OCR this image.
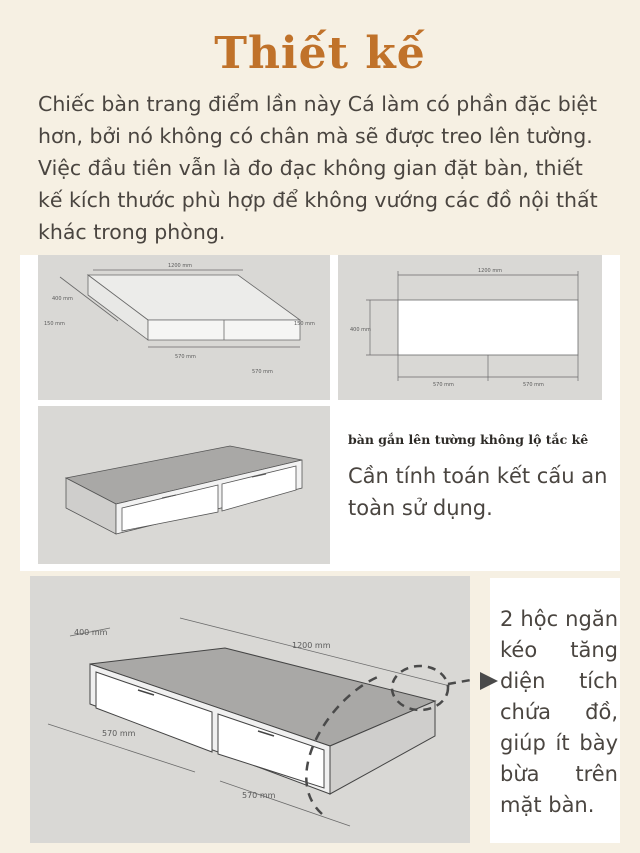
Thiết kế

Chiếc bàn trang điểm lần này Cá làm có phần đặc biệt hơn, bởi nó không có chân mà sẽ được treo lên tường.

Việc đầu tiên vẫn là đo đạc không gian đặt bàn, thiết kế kích thước phù hợp để không vướng các đồ nội thất khác trong phòng.

1200 mm
400 mm
150 mm	150 mm
570 mm
570 mm
1200 mm
400 mm
570 mm	570 mm
bàn gắn lên tường không lộ tắc kê
Cần tính toán kết cấu an toàn sử dụng.
400 mm
1200 mm
570 mm
570 mm
2 hộc ngăn kéo tăng diện tích chứa đồ, giúp ít bày bừa trên mặt bàn.
